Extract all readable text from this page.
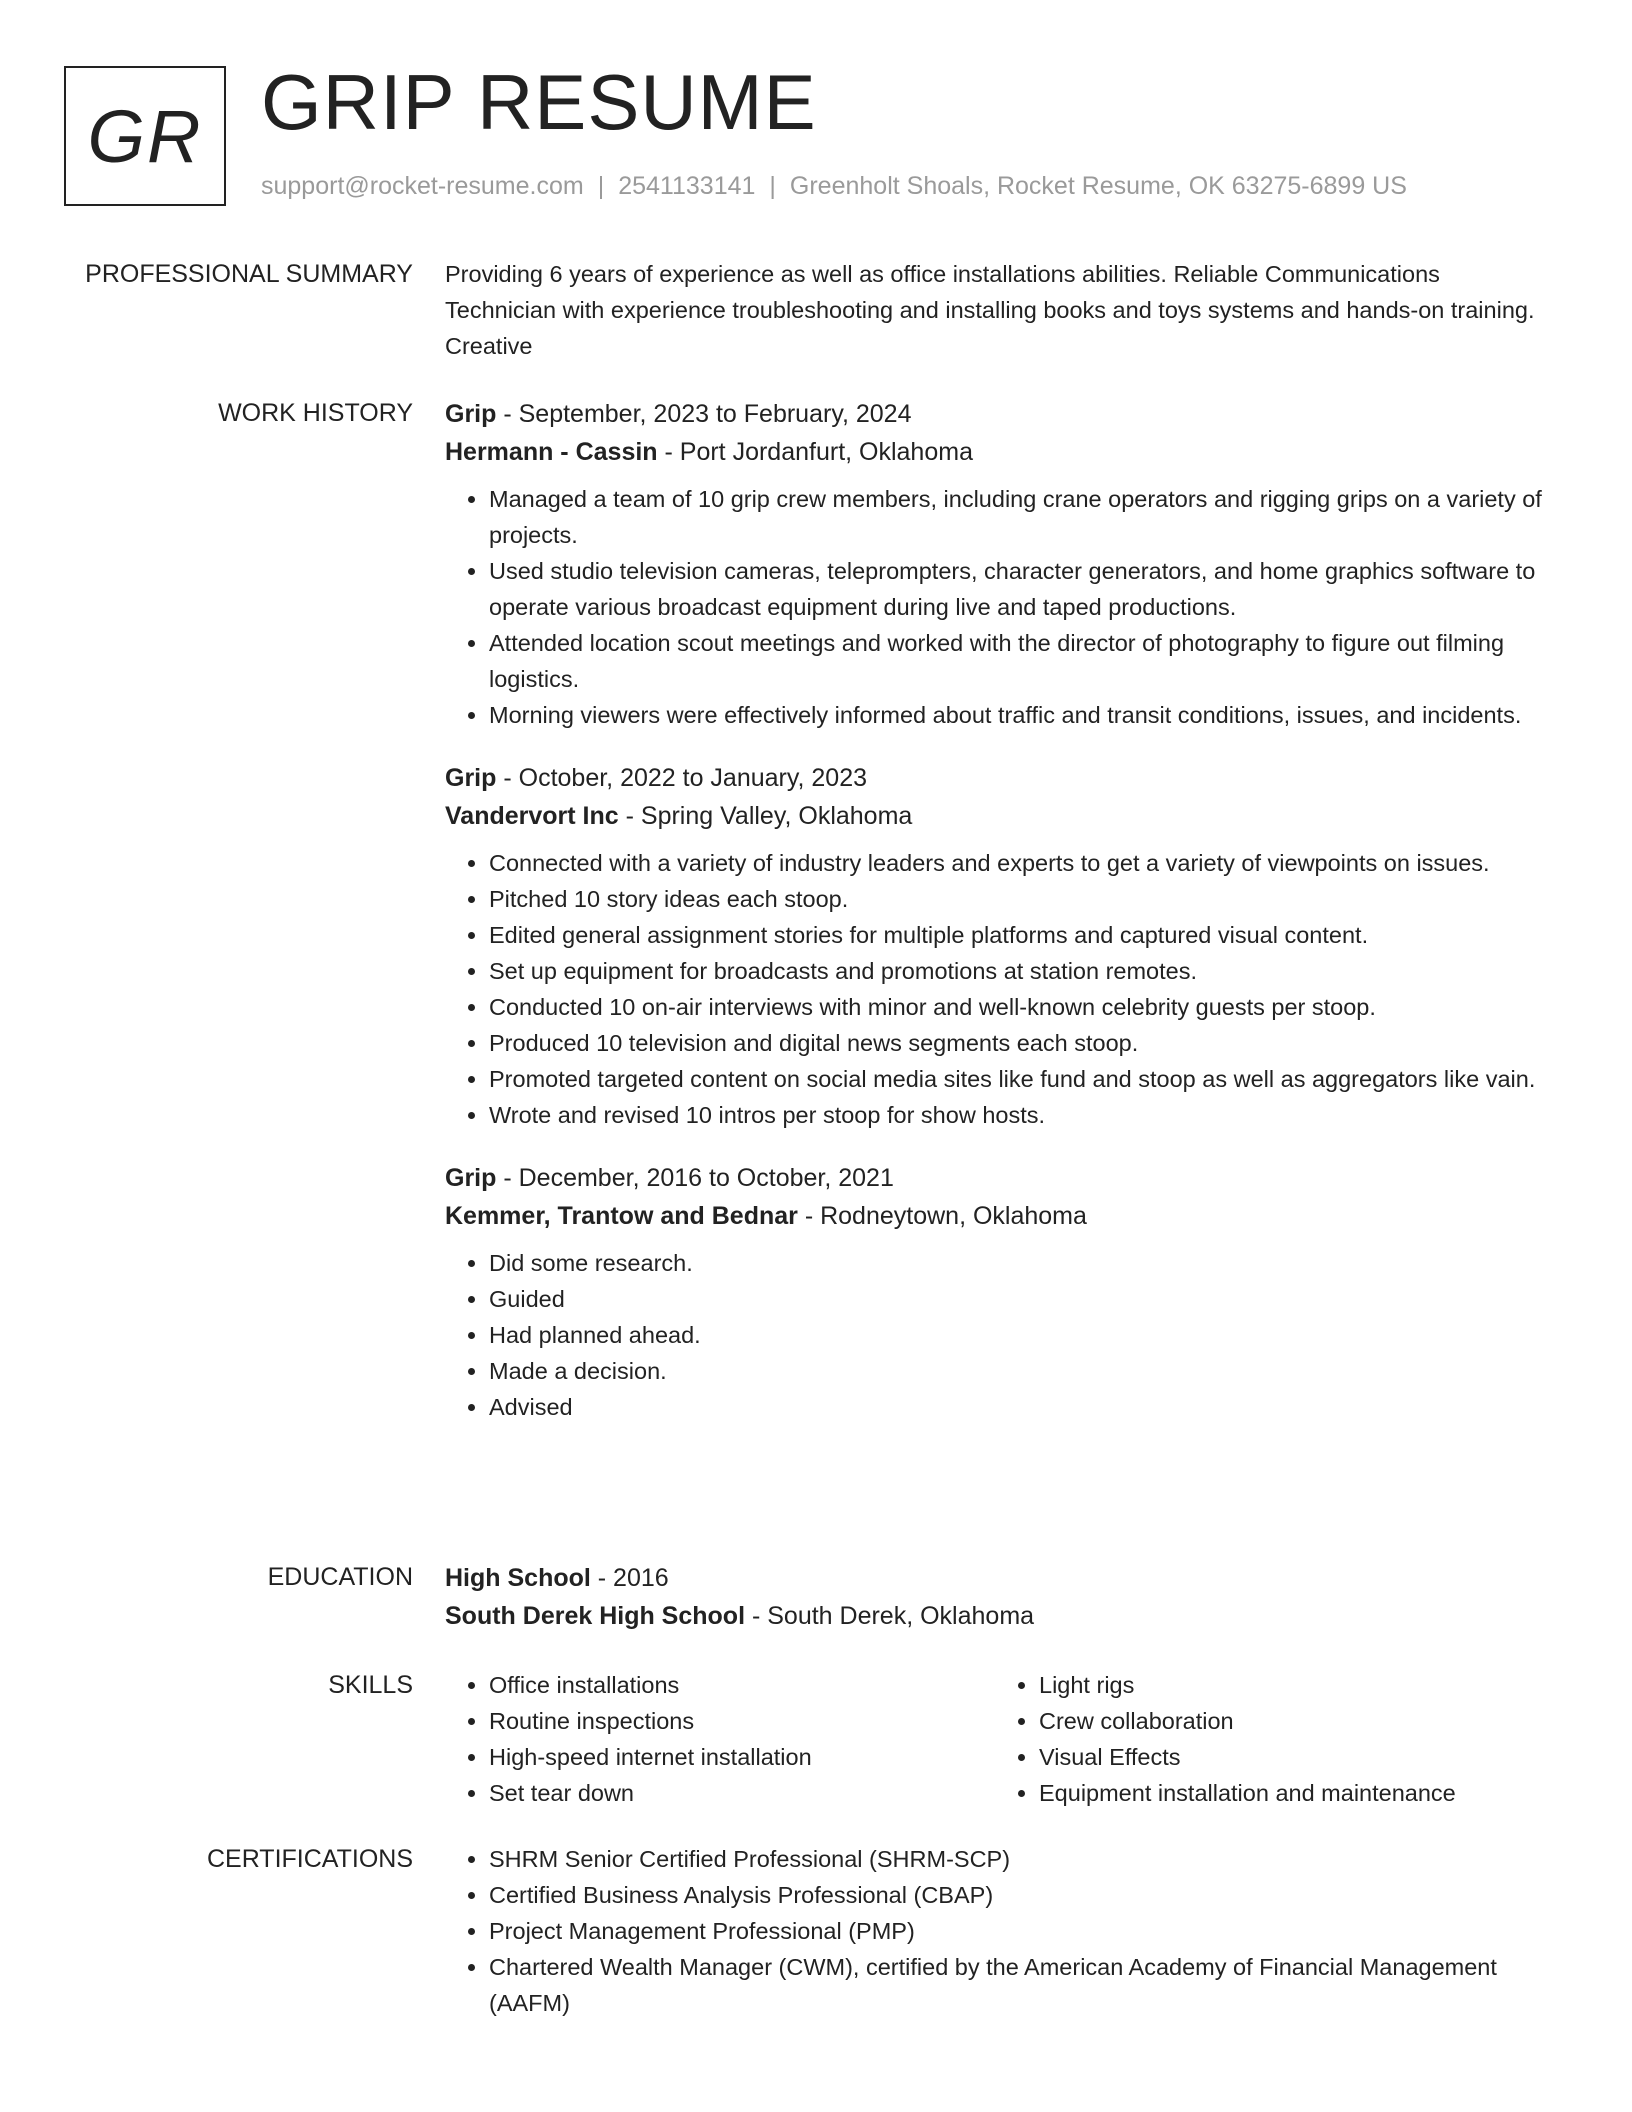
GR GRIP RESUME
support@rocket-resume.com | 2541133141 | Greenholt Shoals, Rocket Resume, OK 63275-6899 US
PROFESSIONAL SUMMARY Providing 6 years of experience as well as office installations abilities. Reliable Communications Technician with experience troubleshooting and installing books and toys systems and hands-on training. Creative
WORK HISTORY Grip - September, 2023 to February, 2024
Hermann - Cassin - Port Jordanfurt, Oklahoma
• Managed a team of 10 grip crew members, including crane operators and rigging grips on a variety of projects.
• Used studio television cameras, teleprompters, character generators, and home graphics software to operate various broadcast equipment during live and taped productions.
• Attended location scout meetings and worked with the director of photography to figure out filming logistics.
• Morning viewers were effectively informed about traffic and transit conditions, issues, and incidents.
Grip - October, 2022 to January, 2023
Vandervort Inc - Spring Valley, Oklahoma
• Connected with a variety of industry leaders and experts to get a variety of viewpoints on issues.
• Pitched 10 story ideas each stoop.
• Edited general assignment stories for multiple platforms and captured visual content.
• Set up equipment for broadcasts and promotions at station remotes.
• Conducted 10 on-air interviews with minor and well-known celebrity guests per stoop.
• Produced 10 television and digital news segments each stoop.
• Promoted targeted content on social media sites like fund and stoop as well as aggregators like vain.
• Wrote and revised 10 intros per stoop for show hosts.
Grip - December, 2016 to October, 2021
Kemmer, Trantow and Bednar - Rodneytown, Oklahoma
• Did some research.
• Guided
• Had planned ahead.
• Made a decision.
• Advised
EDUCATION High School - 2016
South Derek High School - South Derek, Oklahoma
SKILLS	• Office installations
• Routine inspections
• High-speed internet installation
• Set tear down
• Light rigs
• Crew collaboration
• Visual Effects
• Equipment installation and maintenance
CERTIFICATIONS	• SHRM Senior Certified Professional (SHRM-SCP)
• Certified Business Analysis Professional (CBAP)
• Project Management Professional (PMP)
• Chartered Wealth Manager (CWM), certified by the American Academy of Financial Management (AAFM)
